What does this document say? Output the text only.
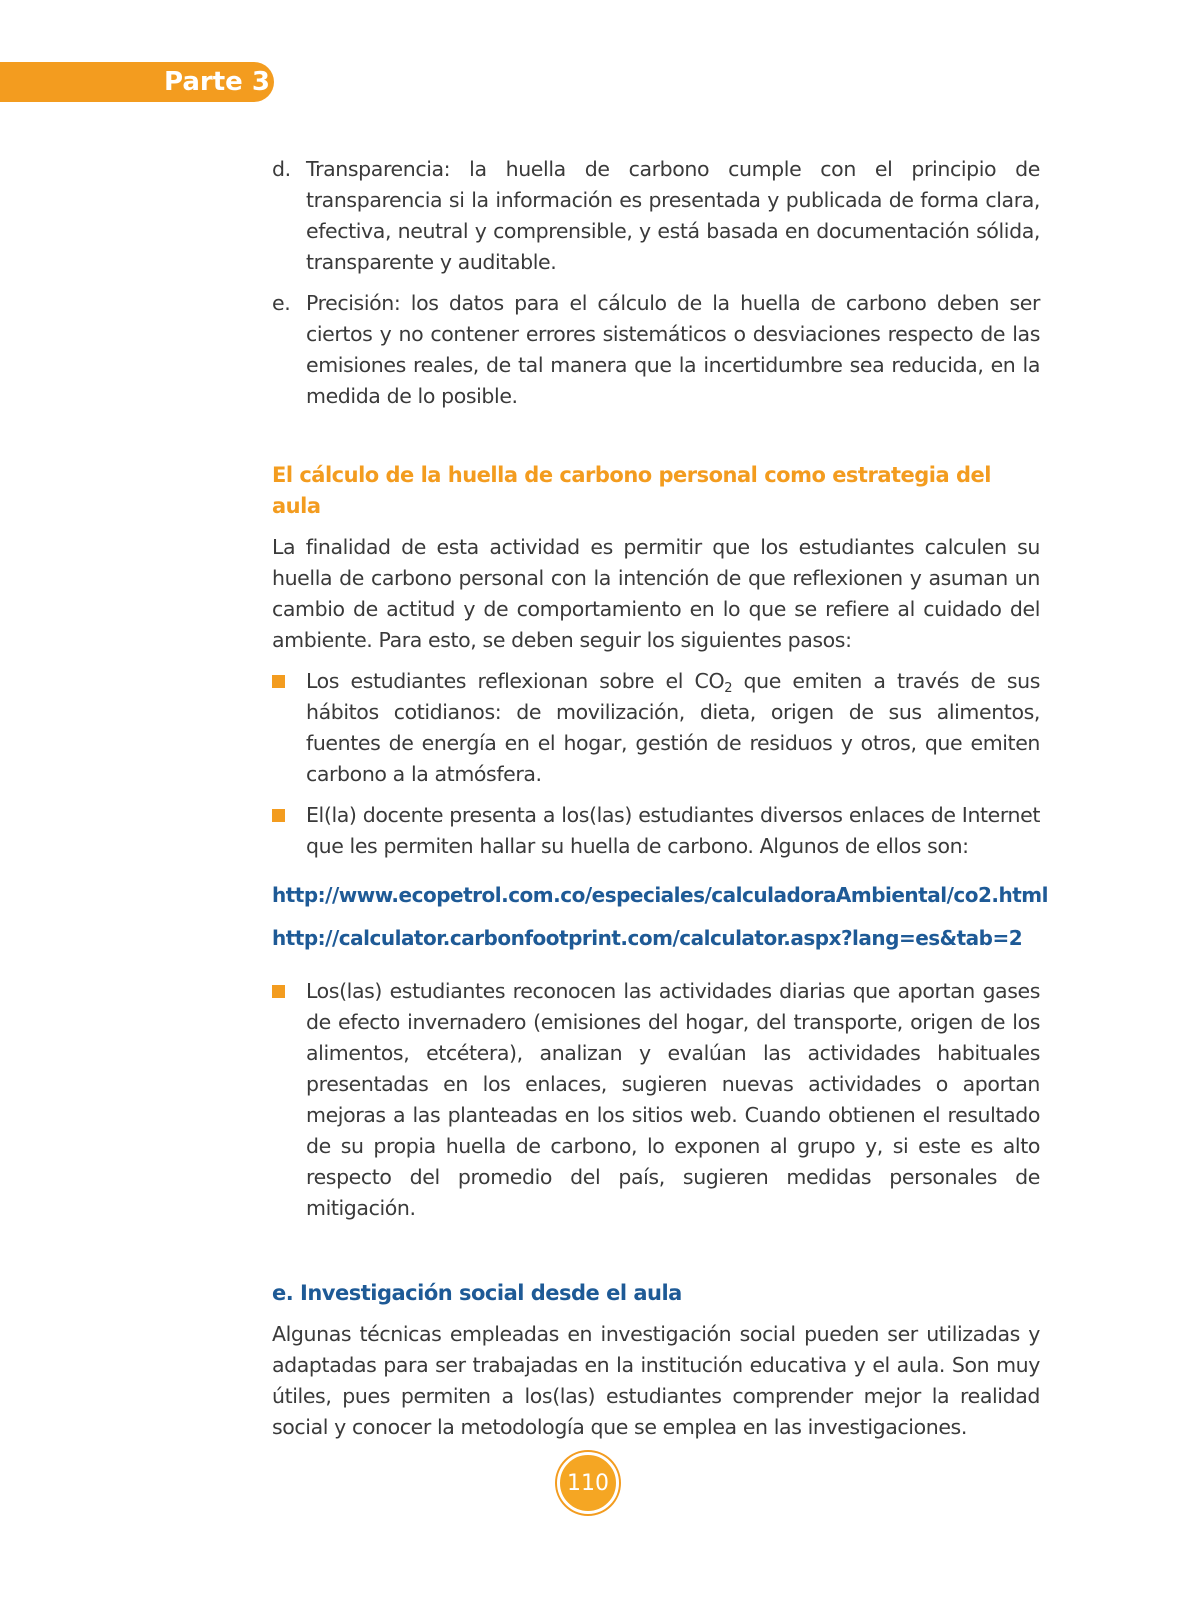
Parte 3
d. Transparencia: la huella de carbono cumple con el principio de transparencia si la información es presentada y publicada de forma clara, efectiva, neutral y comprensible, y está basada en documentación sólida, transparente y auditable.
e. Precisión: los datos para el cálculo de la huella de carbono deben ser ciertos y no contener errores sistemáticos o desviaciones respecto de las emisiones reales, de tal manera que la incertidumbre sea reducida, en la medida de lo posible.
El cálculo de la huella de carbono personal como estrategia del aula

La finalidad de esta actividad es permitir que los estudiantes calculen su huella de carbono personal con la intención de que reflexionen y asuman un cambio de actitud y de comportamiento en lo que se refiere al cuidado del ambiente. Para esto, se deben seguir los siguientes pasos:

Los estudiantes reflexionan sobre el $CO_2$ que emiten a través de sus hábitos cotidianos: de movilización, dieta, origen de sus alimentos, fuentes de energía en el hogar, gestión de residuos y otros, que emiten carbono a la atmósfera.
El(la) docente presenta a los(las) estudiantes diversos enlaces de Internet que les permiten hallar su huella de carbono. Algunos de ellos son:
http://www.ecopetrol.com.co/especiales/calculadoraAmbiental/co2.html
http://calculator.carbonfootprint.com/calculator.aspx?lang=es&tab=2
Los(las) estudiantes reconocen las actividades diarias que aportan gases de efecto invernadero (emisiones del hogar, del transporte, origen de los alimentos, etcétera), analizan y evalúan las actividades habituales presentadas en los enlaces, sugieren nuevas actividades o aportan mejoras a las planteadas en los sitios web. Cuando obtienen el resultado de su propia huella de carbono, lo exponen al grupo y, si este es alto respecto del promedio del país, sugieren medidas personales de mitigación.
e. Investigación social desde el aula

Algunas técnicas empleadas en investigación social pueden ser utilizadas y adaptadas para ser trabajadas en la institución educativa y el aula. Son muy útiles, pues permiten a los(las) estudiantes comprender mejor la realidad social y conocer la metodología que se emplea en las investigaciones.

110
